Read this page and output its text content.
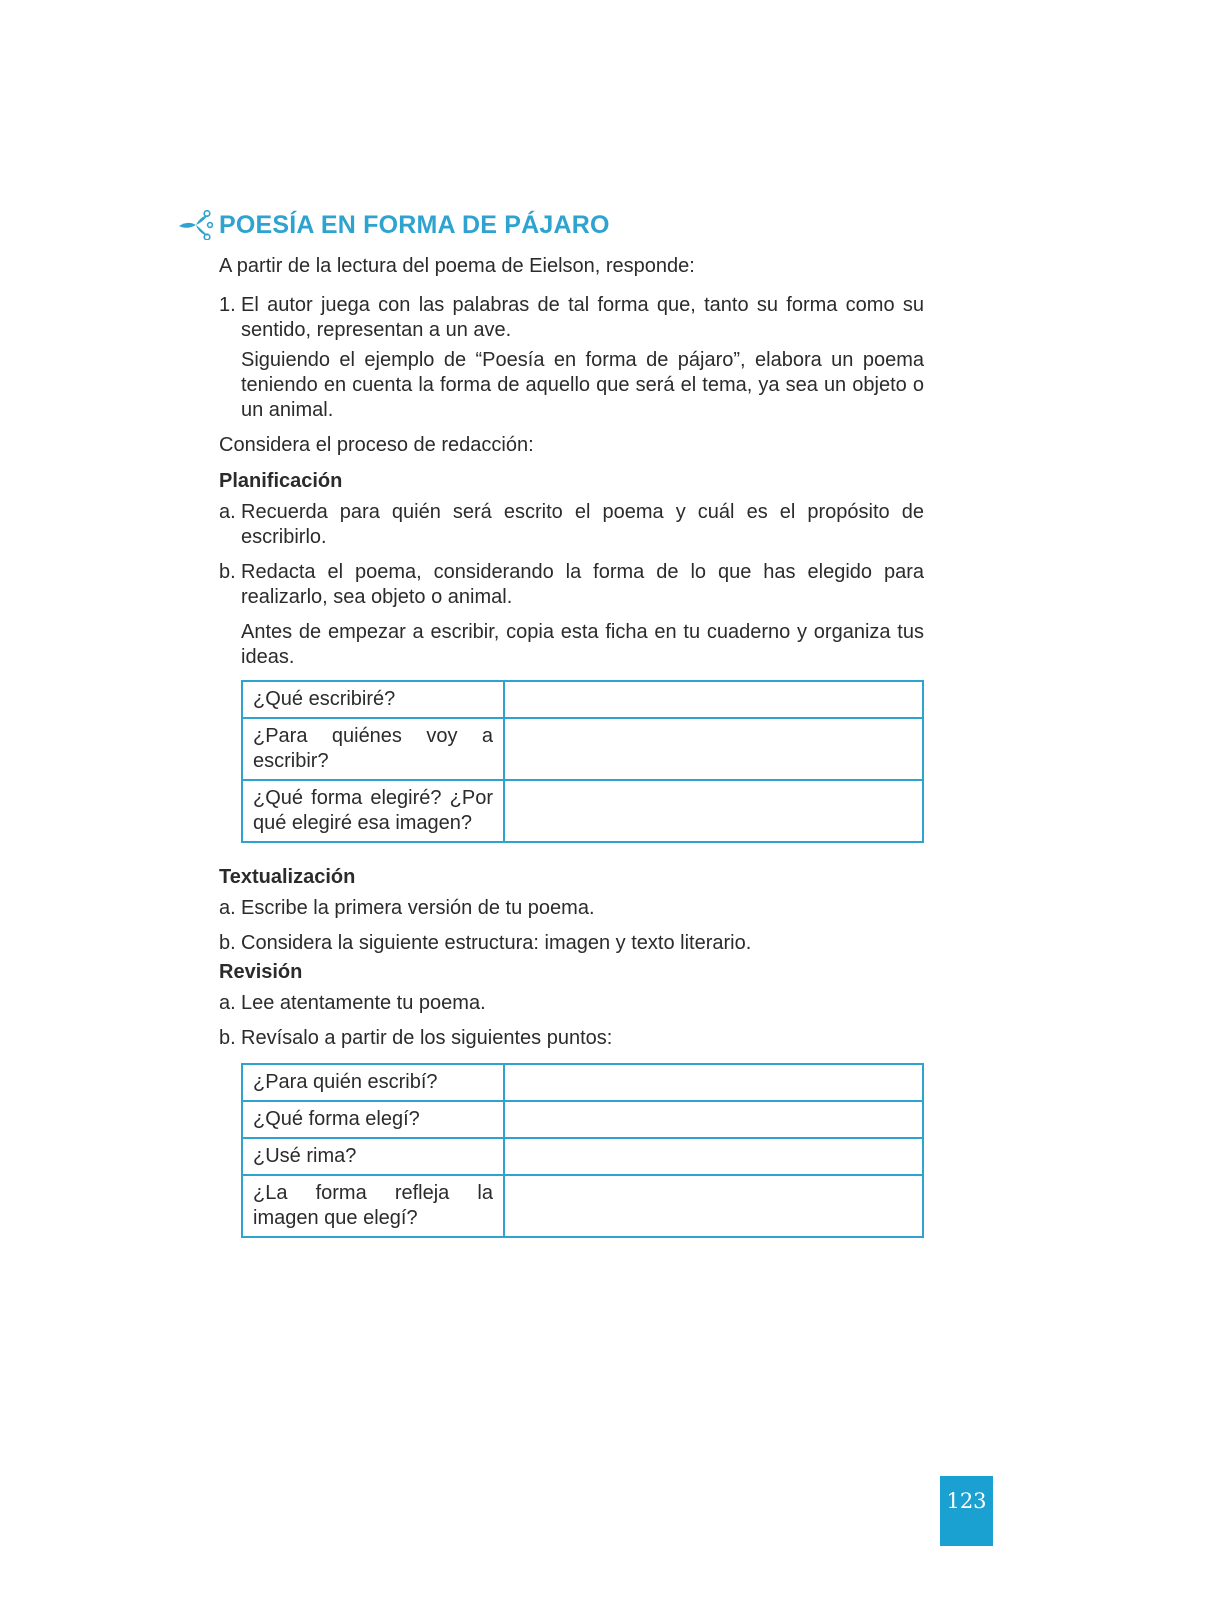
POESÍA EN FORMA DE PÁJARO

A partir de la lectura del poema de Eielson, responde:

1. El autor juega con las palabras de tal forma que, tanto su forma como su sentido, representan a un ave.

Siguiendo el ejemplo de “Poesía en forma de pájaro”, elabora un poema teniendo en cuenta la forma de aquello que será el tema, ya sea un objeto o un animal.

Considera el proceso de redacción:

Planificación

a. Recuerda para quién será escrito el poema y cuál es el propósito de escribirlo.
b. Redacta el poema, considerando la forma de lo que has elegido para realizarlo, sea objeto o animal.

Antes de empezar a escribir, copia esta ficha en tu cuaderno y organiza tus ideas.

¿Qué escribiré?	
¿Para quiénes voy a escribir?	
¿Qué forma elegiré? ¿Por qué elegiré esa imagen?	

Textualización

a. Escribe la primera versión de tu poema.
b. Considera la siguiente estructura: imagen y texto literario.

Revisión

a. Lee atentamente tu poema.
b. Revísalo a partir de los siguientes puntos:
¿Para quién escribí?	
¿Qué forma elegí?	
¿Usé rima?	
¿La forma refleja la imagen que elegí?	
123
